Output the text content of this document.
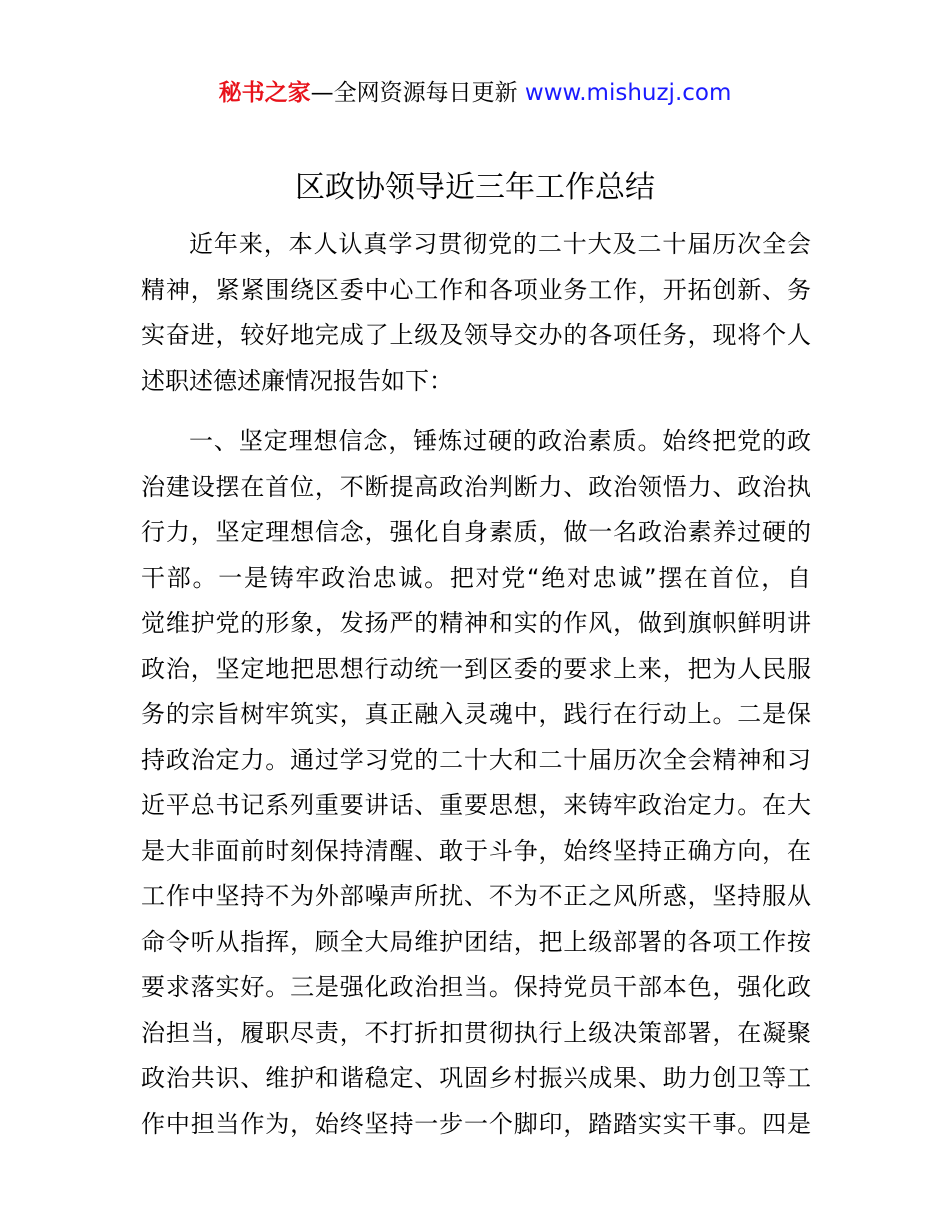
秘书之家—全网资源每日更新 www.mishuzj.com
区政协领导近三年工作总结
近年来，本人认真学习贯彻党的二十大及二十届历次全会
精神，紧紧围绕区委中心工作和各项业务工作，开拓创新、务
实奋进，较好地完成了上级及领导交办的各项任务，现将个人
述职述德述廉情况报告如下：
一、坚定理想信念，锤炼过硬的政治素质。始终把党的政
治建设摆在首位，不断提高政治判断力、政治领悟力、政治执
行力，坚定理想信念，强化自身素质，做一名政治素养过硬的
干部。一是铸牢政治忠诚。把对党“绝对忠诚”摆在首位，自
觉维护党的形象，发扬严的精神和实的作风，做到旗帜鲜明讲
政治，坚定地把思想行动统一到区委的要求上来，把为人民服
务的宗旨树牢筑实，真正融入灵魂中，践行在行动上。二是保
持政治定力。通过学习党的二十大和二十届历次全会精神和习
近平总书记系列重要讲话、重要思想，来铸牢政治定力。在大
是大非面前时刻保持清醒、敢于斗争，始终坚持正确方向，在
工作中坚持不为外部噪声所扰、不为不正之风所惑，坚持服从
命令听从指挥，顾全大局维护团结，把上级部署的各项工作按
要求落实好。三是强化政治担当。保持党员干部本色，强化政
治担当，履职尽责，不打折扣贯彻执行上级决策部署，在凝聚
政治共识、维护和谐稳定、巩固乡村振兴成果、助力创卫等工
作中担当作为，始终坚持一步一个脚印，踏踏实实干事。四是
